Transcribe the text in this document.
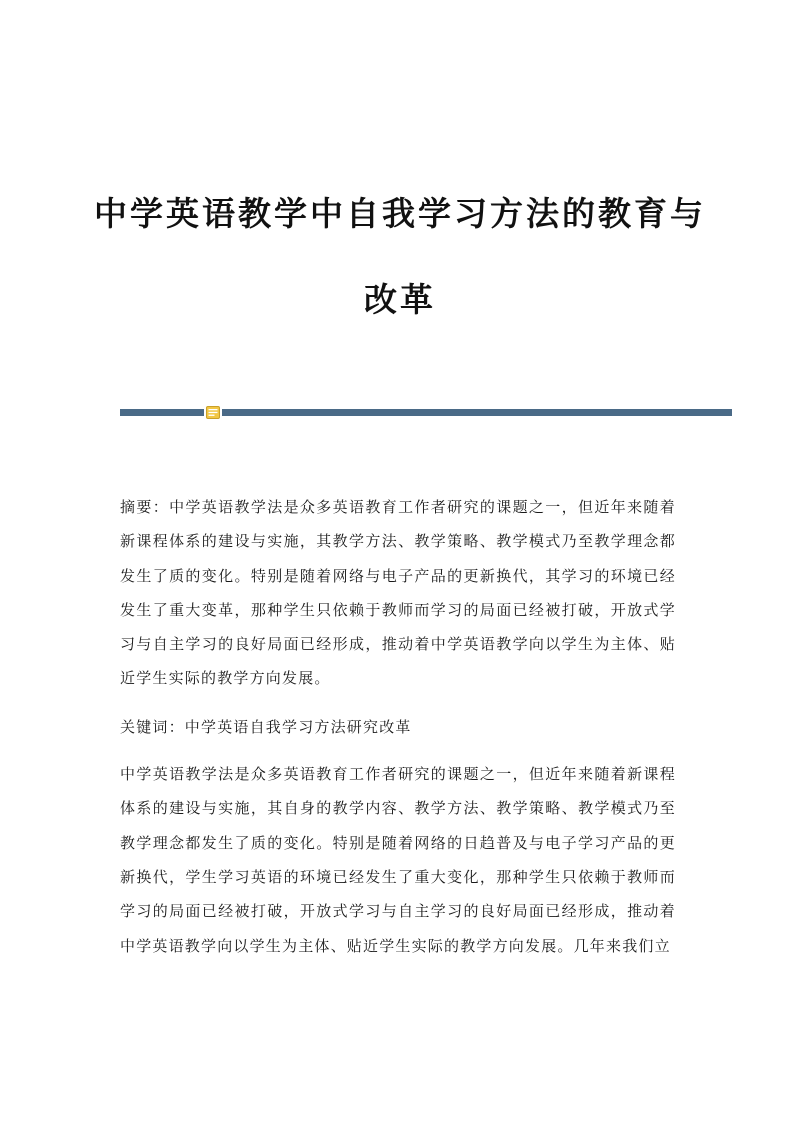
中学英语教学中自我学习方法的教育与
改革

摘要：中学英语教学法是众多英语教育工作者研究的课题之一，但近年来随着新课程体系的建设与实施，其教学方法、教学策略、教学模式乃至教学理念都发生了质的变化。特别是随着网络与电子产品的更新换代，其学习的环境已经发生了重大变革，那种学生只依赖于教师而学习的局面已经被打破，开放式学习与自主学习的良好局面已经形成，推动着中学英语教学向以学生为主体、贴近学生实际的教学方向发展。

关键词：中学英语自我学习方法研究改革

中学英语教学法是众多英语教育工作者研究的课题之一，但近年来随着新课程体系的建设与实施，其自身的教学内容、教学方法、教学策略、教学模式乃至教学理念都发生了质的变化。特别是随着网络的日趋普及与电子学习产品的更新换代，学生学习英语的环境已经发生了重大变化，那种学生只依赖于教师而学习的局面已经被打破，开放式学习与自主学习的良好局面已经形成，推动着中学英语教学向以学生为主体、贴近学生实际的教学方向发展。几年来我们立
